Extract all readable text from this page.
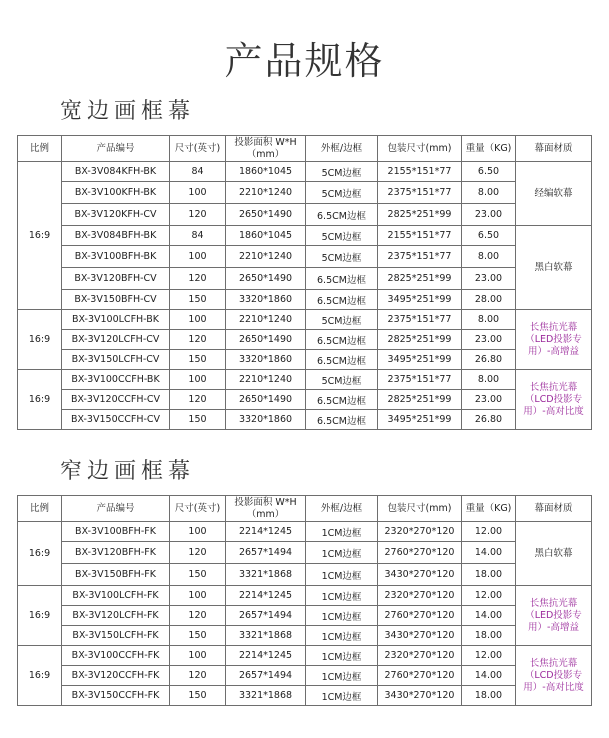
产品规格
宽边画框幕
比例	产品编号	尺寸(英寸)	投影面积 W*H（mm）	外框/边框	包装尺寸(mm)	重量（KG)	幕面材质
16:9	BX-3V084KFH-BK	84	1860*1045	5CM边框	2155*151*77	6.50	经编软幕

	BX-3V100KFH-BK	100	2210*1240	5CM边框	2375*151*77	8.00	
	BX-3V120KFH-CV	120	2650*1490	6.5CM边框	2825*251*99	23.00	
	BX-3V084BFH-BK	84	1860*1045	5CM边框	2155*151*77	6.50	黑白软幕

	BX-3V100BFH-BK	100	2210*1240	5CM边框	2375*151*77	8.00	
	BX-3V120BFH-CV	120	2650*1490	6.5CM边框	2825*251*99	23.00	
	BX-3V150BFH-CV	150	3320*1860	6.5CM边框	3495*251*99	28.00	
16:9	BX-3V100LCFH-BK	100	2210*1240	5CM边框	2375*151*77	8.00	长焦抗光幕（LED投影专用）-高增益

	BX-3V120LCFH-CV	120	2650*1490	6.5CM边框	2825*251*99	23.00	
	BX-3V150LCFH-CV	150	3320*1860	6.5CM边框	3495*251*99	26.80	
16:9	BX-3V100CCFH-BK	100	2210*1240	5CM边框	2375*151*77	8.00	长焦抗光幕（LCD投影专用）-高对比度

	BX-3V120CCFH-CV	120	2650*1490	6.5CM边框	2825*251*99	23.00	
	BX-3V150CCFH-CV	150	3320*1860	6.5CM边框	3495*251*99	26.80	
窄边画框幕
比例	产品编号	尺寸(英寸)	投影面积 W*H（mm）	外框/边框	包装尺寸(mm)	重量（KG)	幕面材质
16:9	BX-3V100BFH-FK	100	2214*1245	1CM边框	2320*270*120	12.00	黑白软幕

	BX-3V120BFH-FK	120	2657*1494	1CM边框	2760*270*120	14.00	
	BX-3V150BFH-FK	150	3321*1868	1CM边框	3430*270*120	18.00	
16:9	BX-3V100LCFH-FK	100	2214*1245	1CM边框	2320*270*120	12.00	长焦抗光幕（LED投影专用）-高增益

	BX-3V120LCFH-FK	120	2657*1494	1CM边框	2760*270*120	14.00	
	BX-3V150LCFH-FK	150	3321*1868	1CM边框	3430*270*120	18.00	
16:9	BX-3V100CCFH-FK	100	2214*1245	1CM边框	2320*270*120	12.00	长焦抗光幕（LCD投影专用）-高对比度

	BX-3V120CCFH-FK	120	2657*1494	1CM边框	2760*270*120	14.00	
	BX-3V150CCFH-FK	150	3321*1868	1CM边框	3430*270*120	18.00	
